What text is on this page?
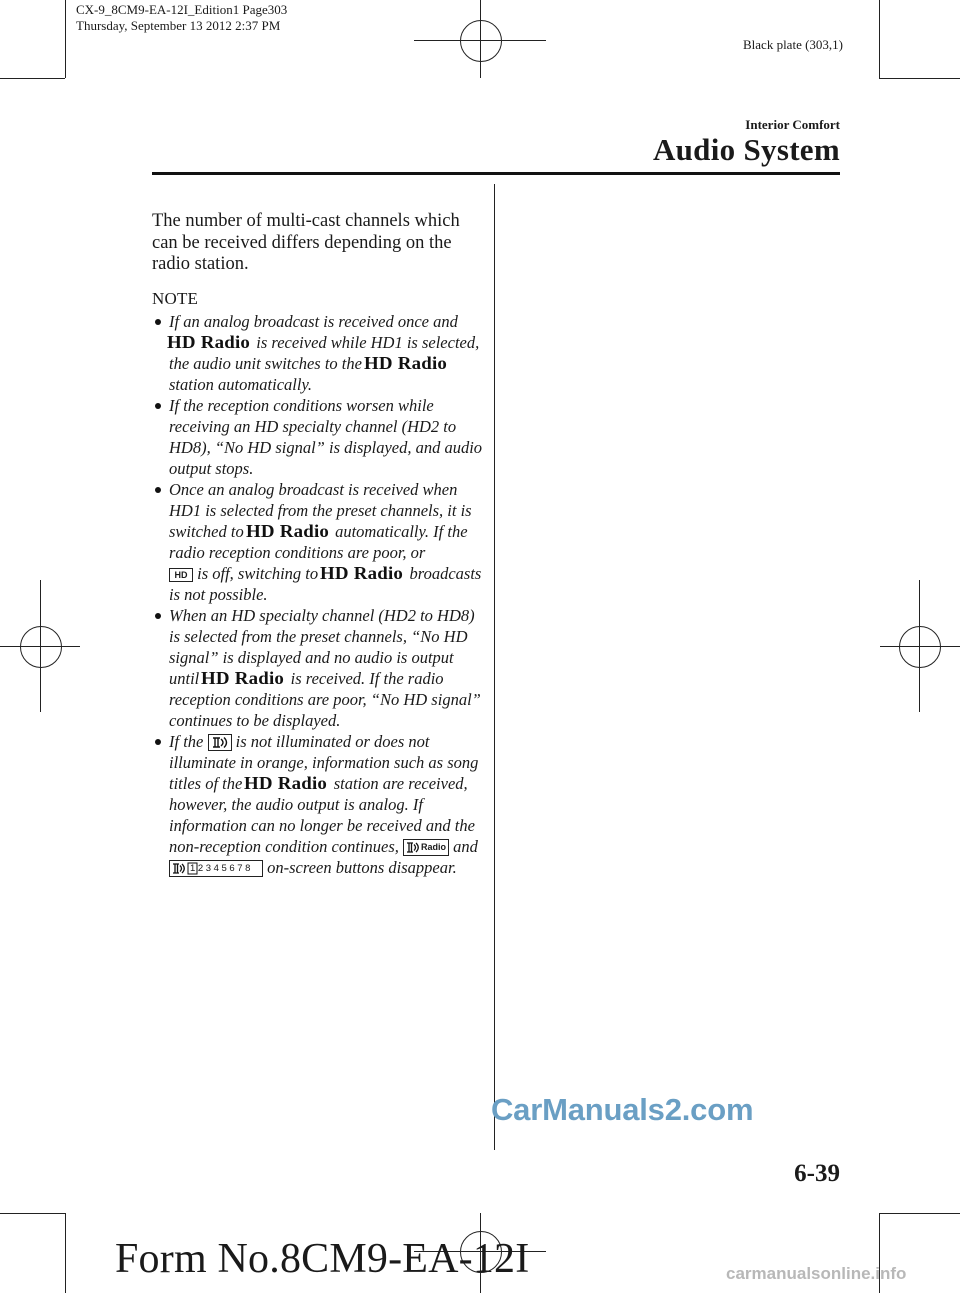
CX-9_8CM9-EA-12I_Edition1 Page303
Thursday, September 13 2012 2:37 PM
Black plate (303,1)
Interior Comfort
Audio System

The number of multi-cast channels which can be received differs depending on the radio station.

NOTE
If an analog broadcast is received once and
HD Radio is received while HD1 is selected, the audio unit switches to the HD Radio station automatically.
If the reception conditions worsen while receiving an HD specialty channel (HD2 to HD8), “No HD signal” is displayed, and audio output stops.
Once an analog broadcast is received when HD1 is selected from the preset channels, it is switched to HD Radio automatically. If the radio reception conditions are poor, or
HD is off, switching to HD Radio broadcasts is not possible.
When an HD specialty channel (HD2 to HD8) is selected from the preset channels, “No HD signal” is displayed and no audio is output until HD Radio is received. If the radio reception conditions are poor, “No HD signal” continues to be displayed.
If the is not illuminated or does not illuminate in orange, information such as song titles of the HD Radio station are received, however, the audio output is analog. If information can no longer be received and the non-reception condition continues, Radio and
12345678 on-screen buttons disappear.
6-39
CarManuals2.com
Form No.8CM9-EA-12I	carmanualsonline.info
